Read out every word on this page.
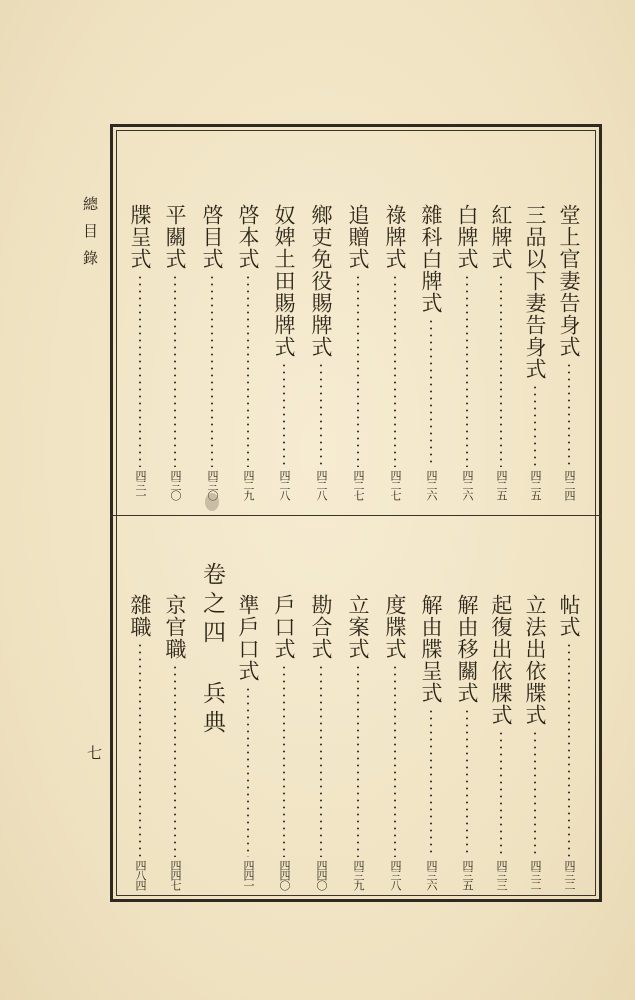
總目錄
七
堂上官妻告身式
四二四
三品以下妻告身式
四二五
紅牌式
四二五
白牌式
四二六
雜科白牌式
四二六
祿牌式
四二七
追贈式
四二七
鄉吏免役賜牌式
四二八
奴婢土田賜牌式
四二八
啓本式
四二九
啓目式
四三〇
平關式
四三〇
牒呈式
四三一
帖式
四三二
立法出依牒式
四三二
起復出依牒式
四三三
解由移關式
四三五
解由牒呈式
四三六
度牒式
四三八
立案式
四三九
勘合式
四四〇
戶口式
四四〇
準戶口式
四四一
卷之四 兵典
京官職
四四七
雜職
四八四
